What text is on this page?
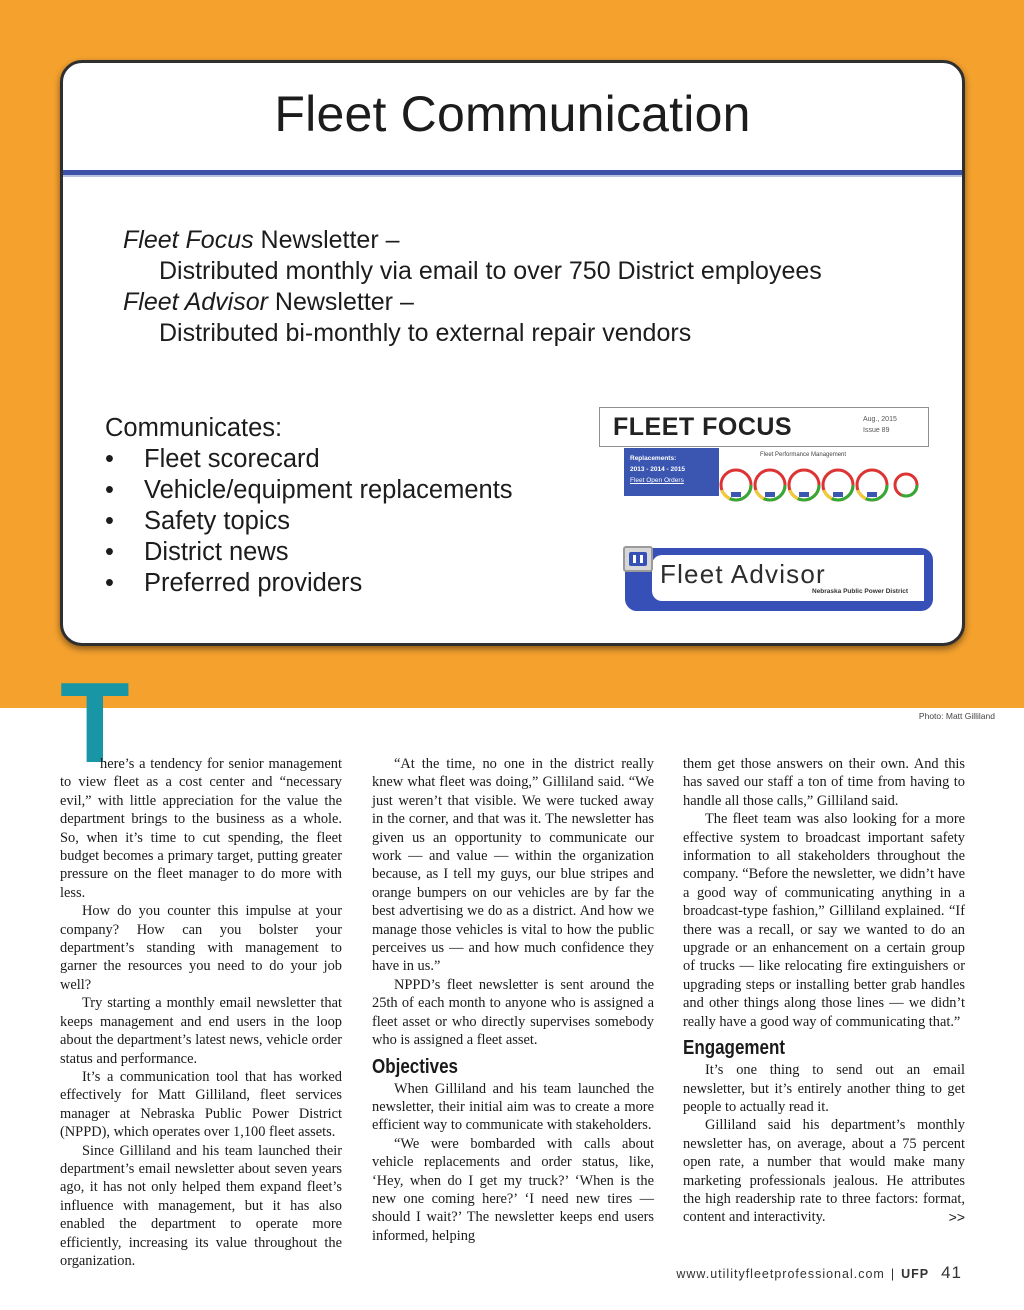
Fleet Communication
Fleet Focus Newsletter –
Distributed monthly via email to over 750 District employees
Fleet Advisor Newsletter –
Distributed bi-monthly to external repair vendors
Communicates:
• Fleet scorecard
• Vehicle/equipment replacements
• Safety topics
• District news
• Preferred providers
FLEET FOCUS	Aug., 2015
Issue 89
Replacements:
2013 - 2014 - 2015
Fleet Open Orders
Fleet Performance Management
Fleet Advisor
Nebraska Public Power District
Photo: Matt Gilliland
T

here’s a tendency for senior management to view fleet as a cost center and “necessary evil,” with little appreciation for the value the department brings to the business as a whole. So, when it’s time to cut spending, the fleet budget becomes a primary target, putting greater pressure on the fleet manager to do more with less.

How do you counter this impulse at your company? How can you bolster your department’s standing with management to garner the resources you need to do your job well?

Try starting a monthly email newsletter that keeps management and end users in the loop about the department’s latest news, vehicle order status and performance.

It’s a communication tool that has worked effectively for Matt Gilliland, fleet services manager at Nebraska Public Power District (NPPD), which operates over 1,100 fleet assets.

Since Gilliland and his team launched their department’s email newsletter about seven years ago, it has not only helped them expand fleet’s influence with management, but it has also enabled the department to operate more efficiently, increasing its value throughout the organization.

“At the time, no one in the district really knew what fleet was doing,” Gilliland said. “We just weren’t that visible. We were tucked away in the corner, and that was it. The newsletter has given us an opportunity to communicate our work — and value — within the organization because, as I tell my guys, our blue stripes and orange bumpers on our vehicles are by far the best advertising we do as a district. And how we manage those vehicles is vital to how the public perceives us — and how much confidence they have in us.”

NPPD’s fleet newsletter is sent around the 25th of each month to anyone who is assigned a fleet asset or who directly supervises somebody who is assigned a fleet asset.

Objectives

When Gilliland and his team launched the newsletter, their initial aim was to create a more efficient way to communicate with stakeholders.

“We were bombarded with calls about vehicle replacements and order status, like, ‘Hey, when do I get my truck?’ ‘When is the new one coming here?’ ‘I need new tires — should I wait?’ The newsletter keeps end users informed, helping

them get those answers on their own. And this has saved our staff a ton of time from having to handle all those calls,” Gilliland said.

The fleet team was also looking for a more effective system to broadcast important safety information to all stakeholders throughout the company. “Before the newsletter, we didn’t have a good way of communicating anything in a broadcast-type fashion,” Gilliland explained. “If there was a recall, or say we wanted to do an upgrade or an enhancement on a certain group of trucks — like relocating fire extinguishers or upgrading steps or installing better grab handles and other things along those lines — we didn’t really have a good way of communicating that.”

Engagement

It’s one thing to send out an email newsletter, but it’s entirely another thing to get people to actually read it.

Gilliland said his department’s monthly newsletter has, on average, about a 75 percent open rate, a number that would make many marketing professionals jealous. He attributes the high readership rate to three factors: format, content and interactivity.	>>

www.utilityfleetprofessional.com | UFP 41
